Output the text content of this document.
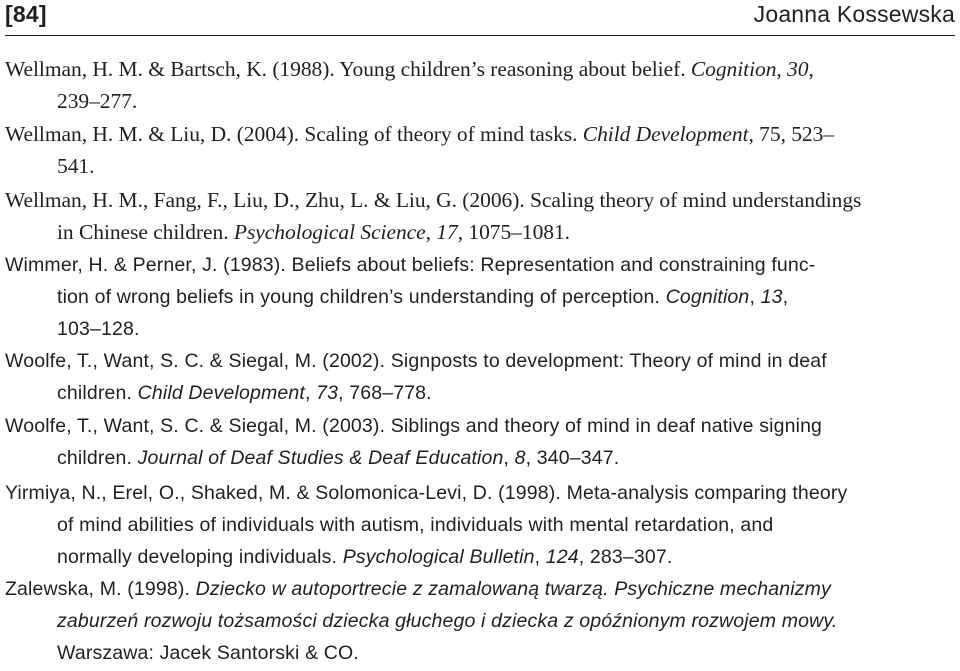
[84]	Joanna Kossewska
Wellman, H. M. & Bartsch, K. (1988). Young children’s reasoning about belief. Cognition, 30,
239–277.
Wellman, H. M. & Liu, D. (2004). Scaling of theory of mind tasks. Child Development, 75, 523–
541.
Wellman, H. M., Fang, F., Liu, D., Zhu, L. & Liu, G. (2006). Scaling theory of mind understandings
in Chinese children. Psychological Science, 17, 1075–1081.
Wimmer, H. & Perner, J. (1983). Beliefs about beliefs: Representation and constraining func-
tion of wrong beliefs in young children’s understanding of perception. Cognition, 13,
103–128.
Woolfe, T., Want, S. C. & Siegal, M. (2002). Signposts to development: Theory of mind in deaf
children. Child Development, 73, 768–778.
Woolfe, T., Want, S. C. & Siegal, M. (2003). Siblings and theory of mind in deaf native signing
children. Journal of Deaf Studies & Deaf Education, 8, 340–347.
Yirmiya, N., Erel, O., Shaked, M. & Solomonica-Levi, D. (1998). Meta-analysis comparing theory
of mind abilities of individuals with autism, individuals with mental retardation, and
normally developing individuals. Psychological Bulletin, 124, 283–307.
Zalewska, M. (1998). Dziecko w autoportrecie z zamalowaną twarzą. Psychiczne mechanizmy
zaburzeń rozwoju tożsamości dziecka głuchego i dziecka z opóźnionym rozwojem mowy.
Warszawa: Jacek Santorski & CO.
